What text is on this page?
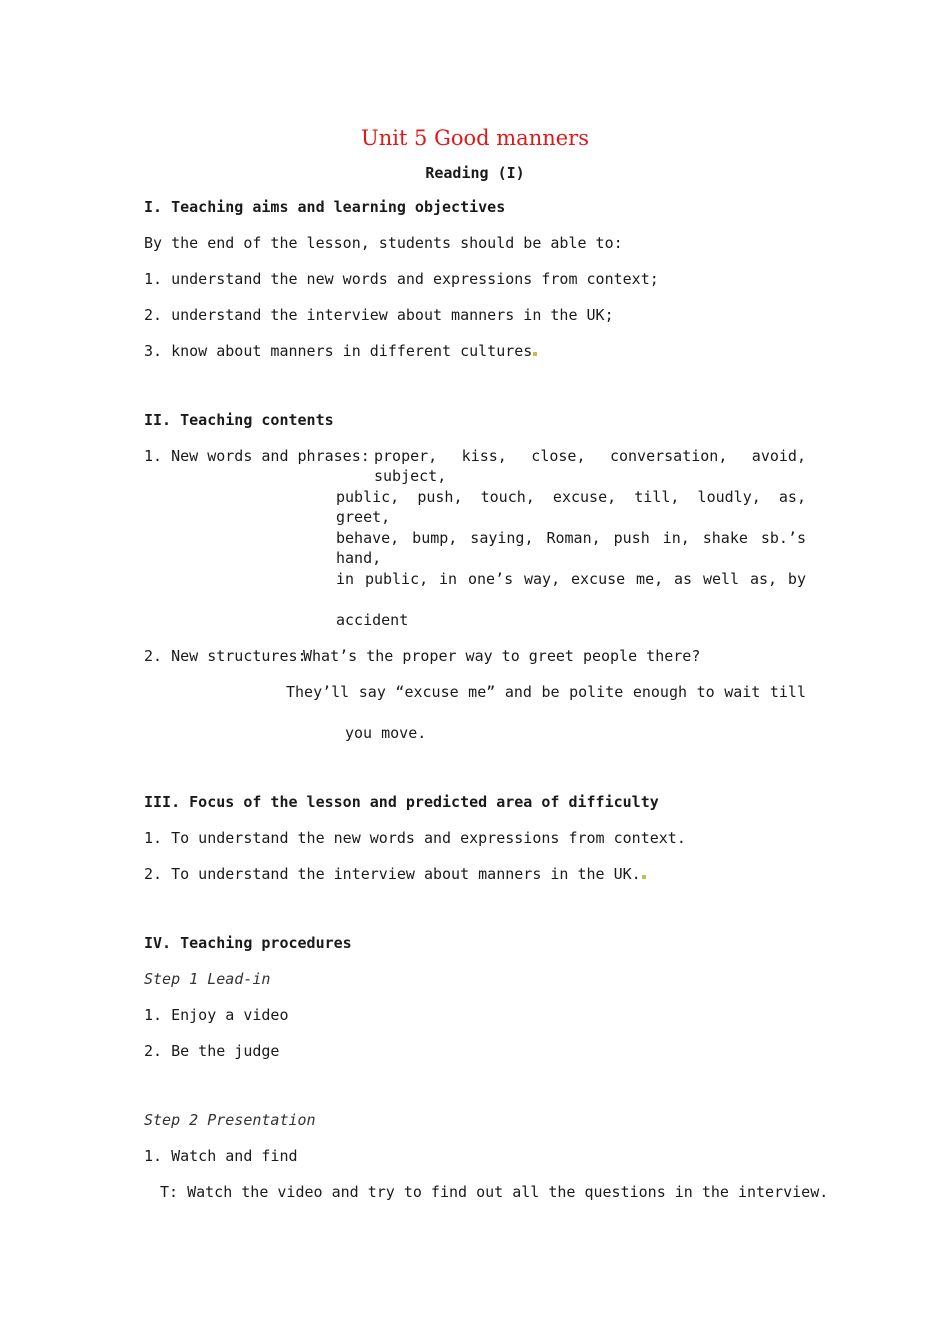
Unit 5 Good manners
Reading (I)
I. Teaching aims and learning objectives
By the end of the lesson, students should be able to:
1. understand the new words and expressions from context;
2. understand the interview about manners in the UK;
3. know about manners in different cultures
II. Teaching contents
1. New words and phrases: proper, kiss, close, conversation, avoid, subject,
public, push, touch, excuse, till, loudly, as, greet,
behave, bump, saying, Roman, push in, shake sb.’s hand,
in public, in one’s way, excuse me, as well as, by
accident
2. New structures:
What’s the proper way to greet people there?
They’ll say “excuse me” and be polite enough to wait till
you move.
III. Focus of the lesson and predicted area of difficulty
1. To understand the new words and expressions from context.
2. To understand the interview about manners in the UK.
IV. Teaching procedures
Step 1 Lead-in
1. Enjoy a video
2. Be the judge
Step 2 Presentation
1. Watch and find
T: Watch the video and try to find out all the questions in the interview.
